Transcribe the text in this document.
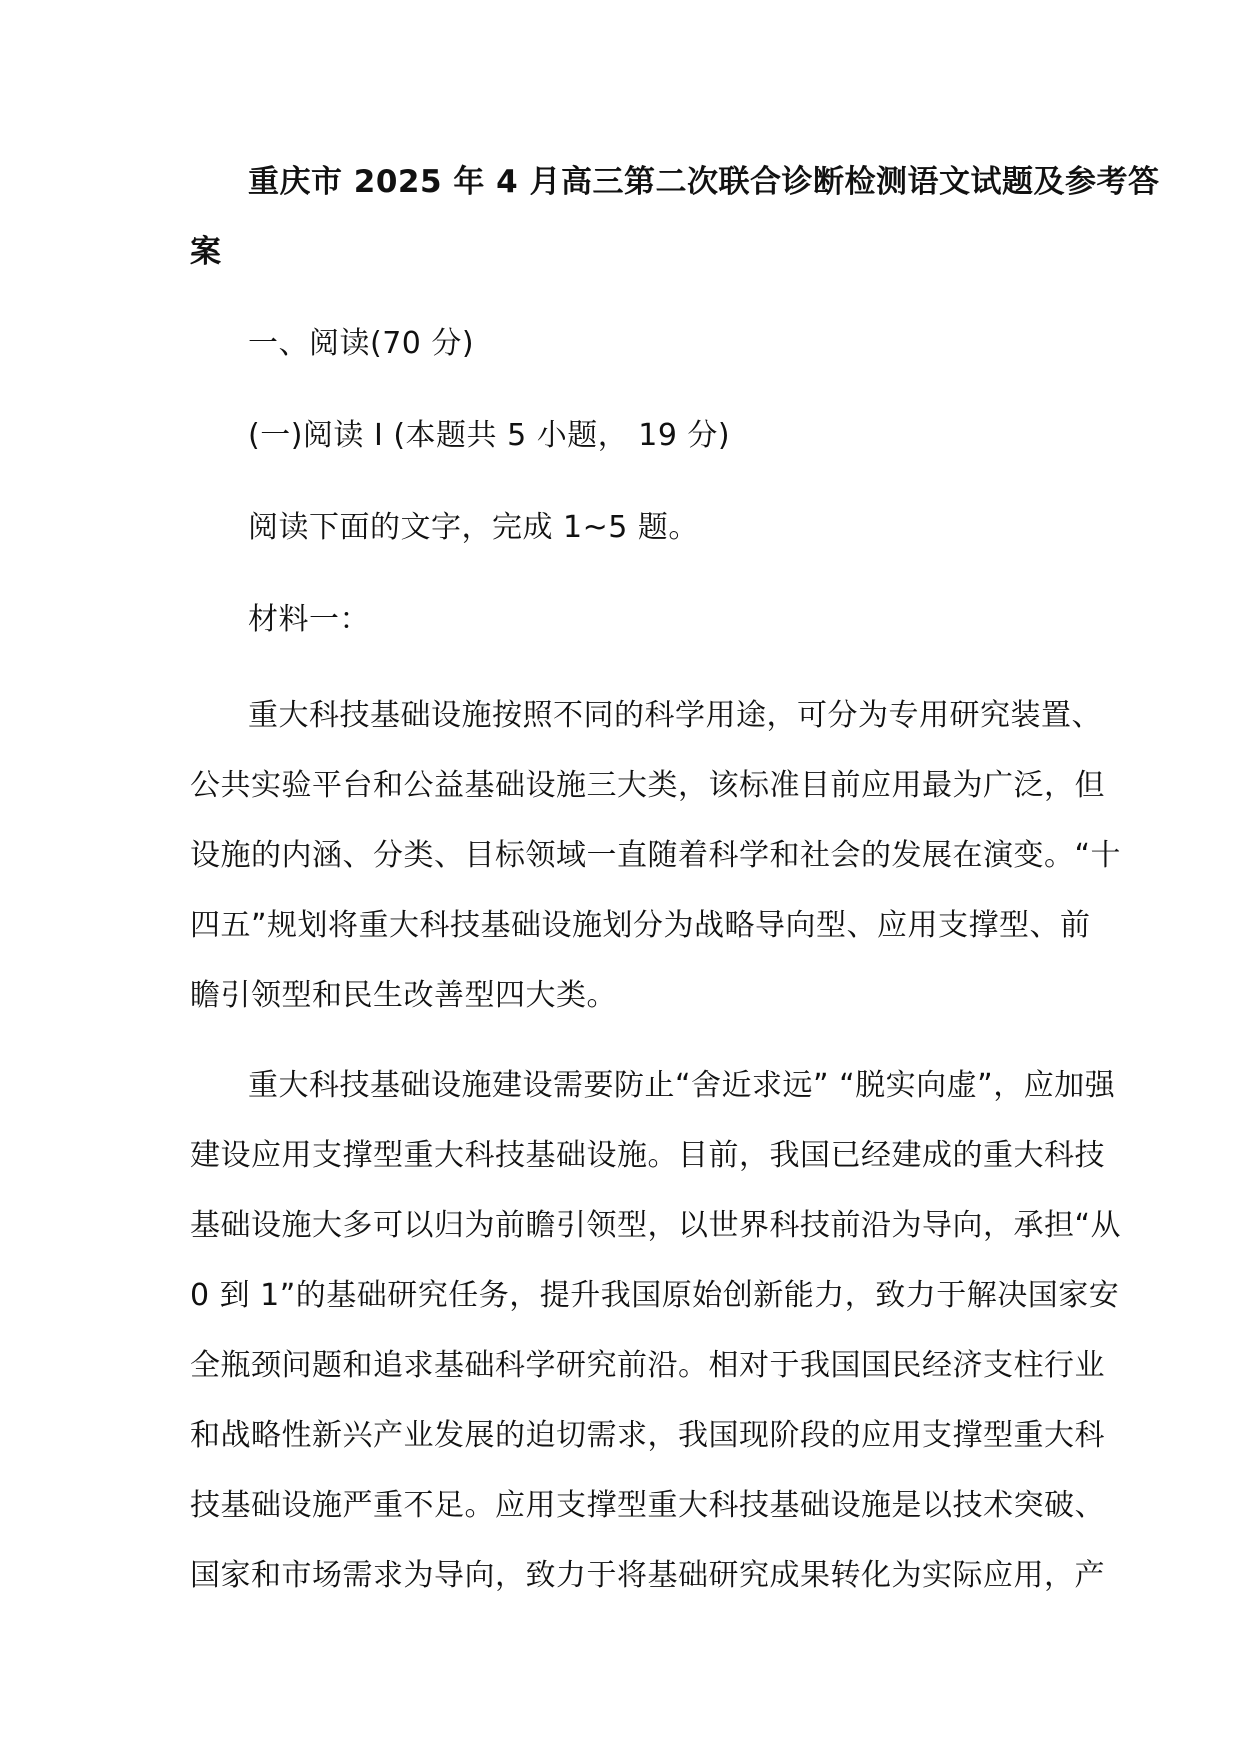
重庆市 2025 年 4 月高三第二次联合诊断检测语文试题及参考答
案
一、阅读(70 分)
(一)阅读 I (本题共 5 小题， 19 分)
阅读下面的文字，完成 1~5 题。
材料一：
重大科技基础设施按照不同的科学用途，可分为专用研究装置、
公共实验平台和公益基础设施三大类，该标准目前应用最为广泛，但
设施的内涵、分类、目标领域一直随着科学和社会的发展在演变。“十
四五”规划将重大科技基础设施划分为战略导向型、应用支撑型、前
瞻引领型和民生改善型四大类。
重大科技基础设施建设需要防止“舍近求远” “脱实向虚”，应加强
建设应用支撑型重大科技基础设施。目前，我国已经建成的重大科技
基础设施大多可以归为前瞻引领型，以世界科技前沿为导向，承担“从
0 到 1”的基础研究任务，提升我国原始创新能力，致力于解决国家安
全瓶颈问题和追求基础科学研究前沿。相对于我国国民经济支柱行业
和战略性新兴产业发展的迫切需求，我国现阶段的应用支撑型重大科
技基础设施严重不足。应用支撑型重大科技基础设施是以技术突破、
国家和市场需求为导向，致力于将基础研究成果转化为实际应用，产
